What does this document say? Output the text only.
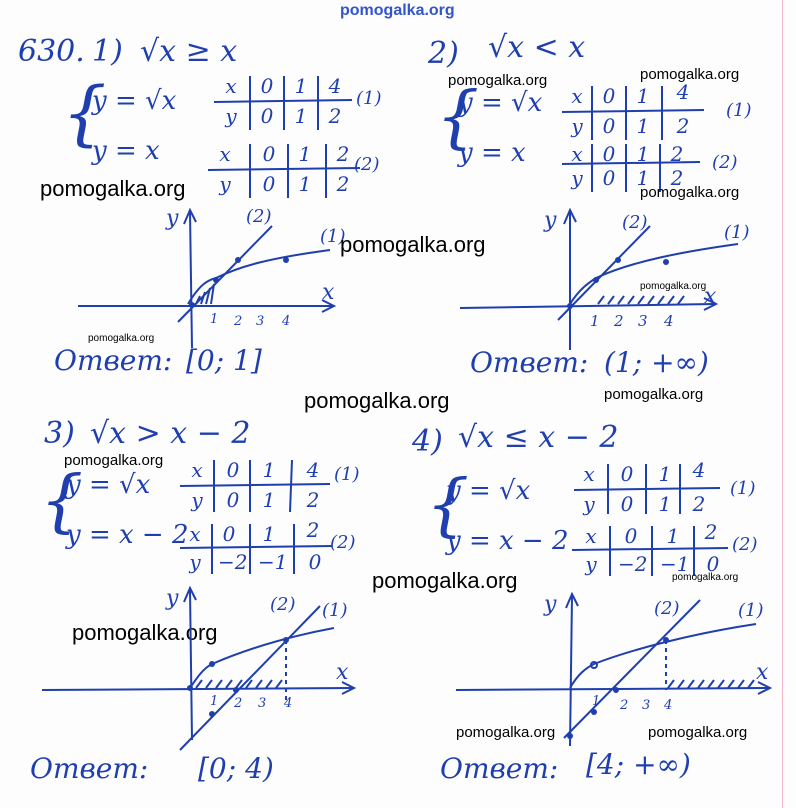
pomogalka.org
630. 1) √x ≥ x
{
y = √x
y = x
x	0	1	4
y	0	1	2
(1)
x	0	1	2
y	0	1	2
(2)
pomogalka.org
y
x
(2)
(1)
1 2 3 4
pomogalka.org
Ответ: [0; 1]
2) √x < x
pomogalka.org	pomogalka.org
{
y = √x
y = x
x 0	1	4
y 0	1	2
(1)
x 0	1	2
y 0	1	2
(2)
pomogalka.org
y
x
(2)	(1)
pomogalka.org
1 2 3 4
Ответ: (1; +∞)
pomogalka.org
pomogalka.org
pomogalka.org
3) √x > x − 2
pomogalka.org
{
y = √x
y = x − 2
x	0	1	4
y	0	1	2
(1)
x	0	1	2
y −2 −1	0
(2)
pomogalka.org
y
x
(2) (1)
1 2 3 4
Ответ: [0; 4)
4) √x ≤ x − 2
{
y = √x
y = x − 2
x	0	1	4
y	0	1	2
(1)
x	0	1	2
y	−2 −1 0
(2)
pomogalka.org
pomogalka.org
y
x
(2)	(1)
1 2 3 4
pomogalka.org	pomogalka.org
Ответ: [4; +∞)
